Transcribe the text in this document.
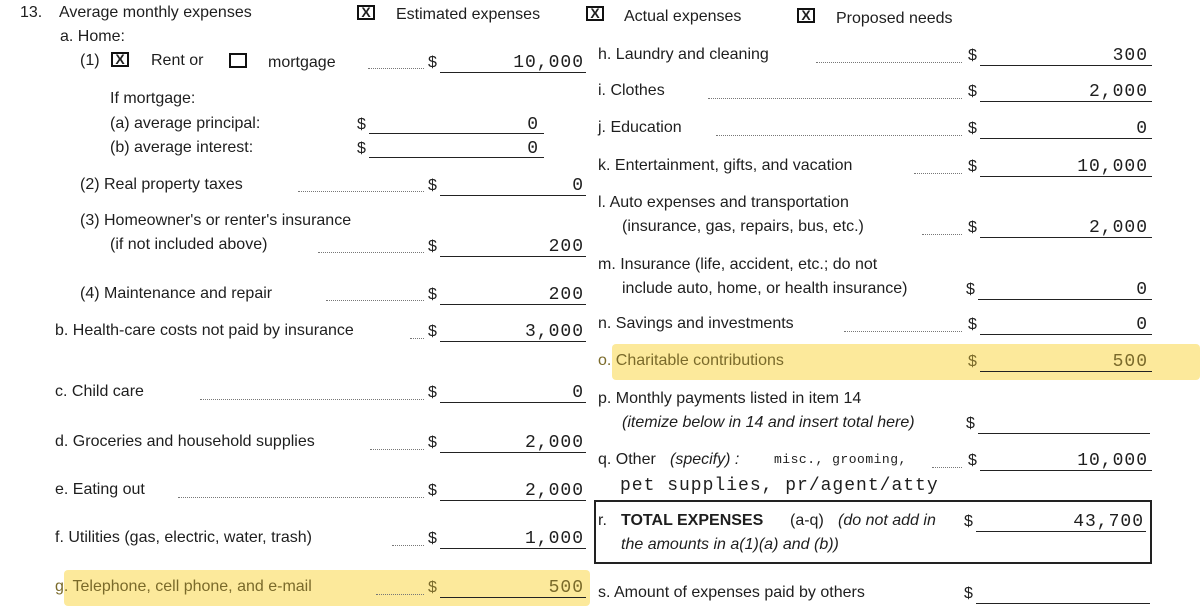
13. Average monthly expenses	X Estimated expenses	X Actual expenses	X Proposed needs
a. Home:
(1)	X Rent or	mortgage	$	10,000
If mortgage:
(a) average principal:	$	0
(b) average interest:	$	0
(2) Real property taxes	$	0
(3) Homeowner's or renter's insurance
(if not included above)	$	200
(4) Maintenance and repair	$	200
b. Health-care costs not paid by insurance	$	3,000
c. Child care	$	0
d. Groceries and household supplies	$	2,000
e. Eating out	$	2,000
f. Utilities (gas, electric, water, trash)	$	1,000
g. Telephone, cell phone, and e-mail	$	500
h. Laundry and cleaning	$	300
i. Clothes	$	2,000
j. Education	$	0
k. Entertainment, gifts, and vacation	$	10,000
l. Auto expenses and transportation
(insurance, gas, repairs, bus, etc.)	$	2,000
m. Insurance (life, accident, etc.; do not
include auto, home, or health insurance)	$	0
n. Savings and investments	$	0
o. Charitable contributions	$	500
p. Monthly payments listed in item 14
(itemize below in 14 and insert total here)	$
q. Other (specify) :	misc., grooming,	$	10,000
pet supplies, pr/agent/atty
r. TOTAL EXPENSES (a-q) (do not add in
the amounts in a(1)(a) and (b))
$	43,700
s. Amount of expenses paid by others	$
